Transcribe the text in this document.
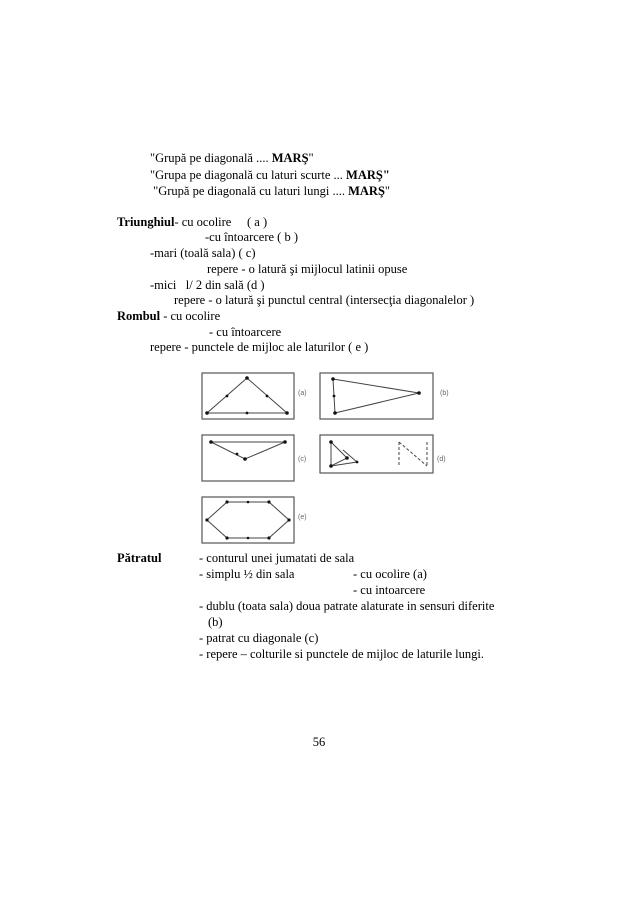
"Grupă pe diagonală .... MARŞ"
"Grupa pe diagonală cu laturi scurte ... MARŞ"
"Grupă pe diagonală cu laturi lungi .... MARŞ"
Triunghiul- cu ocolire     ( a )
-cu întoarcere ( b )
-mari (toală sala) ( c)
repere - o latură şi mijlocul latinii opuse
-mici   l/ 2 din sală (d )
repere - o latură şi punctul central (intersecţia diagonalelor )
Rombul - cu ocolire
- cu întoarcere
repere - punctele de mijloc ale laturilor ( e )
(a)	(b)
(c)	(d)
(e)
Pătratul	- conturul unei jumatati de sala
- simplu ½ din sala	- cu ocolire (a)
- cu intoarcere
- dublu (toata sala) doua patrate alaturate in sensuri diferite
(b)
- patrat cu diagonale (c)
- repere – colturile si punctele de mijloc de laturile lungi.
56
